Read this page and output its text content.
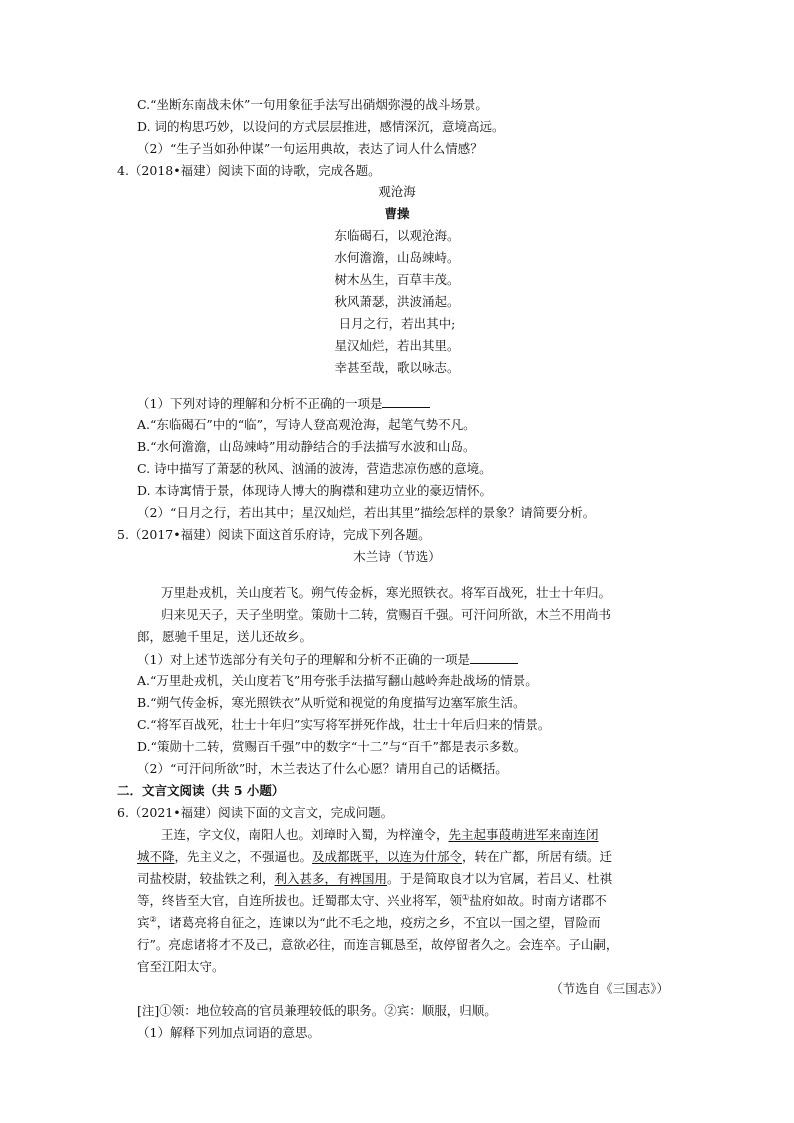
C.“坐断东南战未休”一句用象征手法写出硝烟弥漫的战斗场景。
D. 词的构思巧妙，以设问的方式层层推进，感情深沉，意境高远。
（2）“生子当如孙仲谋”一句运用典故，表达了词人什么情感？
4.（2018•福建）阅读下面的诗歌，完成各题。
观沧海
曹操
东临碣石，以观沧海。
水何澹澹，山岛竦峙。
树木丛生，百草丰茂。
秋风萧瑟，洪波涌起。
日月之行，若出其中;
星汉灿烂，若出其里。
幸甚至哉，歌以咏志。
（1）下列对诗的理解和分析不正确的一项是
A.“东临碣石”中的“临”，写诗人登高观沧海，起笔气势不凡。
B.“水何澹澹，山岛竦峙”用动静结合的手法描写水波和山岛。
C. 诗中描写了萧瑟的秋风、汹涌的波涛，营造悲凉伤感的意境。
D. 本诗寓情于景，体现诗人博大的胸襟和建功立业的豪迈情怀。
（2）“日月之行，若出其中；星汉灿烂，若出其里”描绘怎样的景象？请简要分析。
5.（2017•福建）阅读下面这首乐府诗，完成下列各题。
木兰诗（节选）
万里赴戎机，关山度若飞。朔气传金柝，寒光照铁衣。将军百战死，壮士十年归。
归来见天子，天子坐明堂。策勋十二转，赏赐百千强。可汗问所欲，木兰不用尚书
郎，愿驰千里足，送儿还故乡。
（1）对上述节选部分有关句子的理解和分析不正确的一项是
A.“万里赴戎机，关山度若飞”用夸张手法描写翻山越岭奔赴战场的情景。
B.“朔气传金柝，寒光照铁衣”从听觉和视觉的角度描写边塞军旅生活。
C.“将军百战死，壮士十年归”实写将军拼死作战，壮士十年后归来的情景。
D.“策勋十二转，赏赐百千强”中的数字“十二”与“百千”都是表示多数。
（2）“可汗问所欲”时，木兰表达了什么心愿？请用自己的话概括。
二．文言文阅读（共 5 小题）
6.（2021•福建）阅读下面的文言文，完成问题。
王连，字文仪，南阳人也。刘璋时入蜀，为梓潼令，先主起事葭萌进军来南连闭
城不降，先主义之，不强逼也。及成都既平，以连为什邡令，转在广都，所居有绩。迁
司盐校尉，较盐铁之利，利入甚多，有裨国用。于是简取良才以为官属，若吕乂、杜祺
等，终皆至大官，自连所拔也。迁蜀郡太守、兴业将军，领①盐府如故。时南方诸郡不
宾②，诸葛亮将自征之，连谏以为“此不毛之地，疫疠之乡，不宜以一国之望，冒险而
行”。亮虑诸将才不及己，意欲必往，而连言辄恳至，故停留者久之。会连卒。子山嗣，
官至江阳太守。
（节选自《三国志》）
[注]①领：地位较高的官员兼理较低的职务。②宾：顺服，归顺。
（1）解释下列加点词语的意思。
